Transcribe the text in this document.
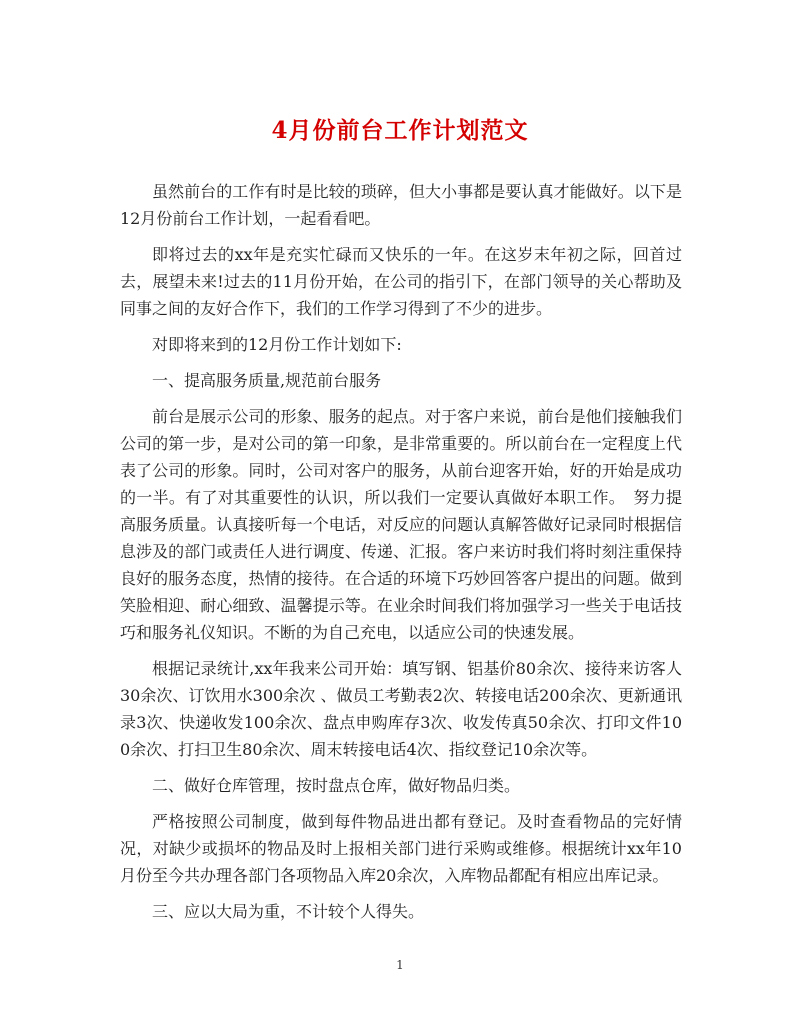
4月份前台工作计划范文

虽然前台的工作有时是比较的琐碎，但大小事都是要认真才能做好。以下是12月份前台工作计划，一起看看吧。

即将过去的xx年是充实忙碌而又快乐的一年。在这岁末年初之际，回首过去，展望未来!过去的11月份开始，在公司的指引下，在部门领导的关心帮助及同事之间的友好合作下，我们的工作学习得到了不少的进步。

对即将来到的12月份工作计划如下:

一、提高服务质量,规范前台服务

前台是展示公司的形象、服务的起点。对于客户来说，前台是他们接触我们公司的第一步，是对公司的第一印象，是非常重要的。所以前台在一定程度上代表了公司的形象。同时，公司对客户的服务，从前台迎客开始，好的开始是成功的一半。有了对其重要性的认识，所以我们一定要认真做好本职工作。　努力提高服务质量。认真接听每一个电话，对反应的问题认真解答做好记录同时根据信息涉及的部门或责任人进行调度、传递、汇报。客户来访时我们将时刻注重保持良好的服务态度，热情的接待。在合适的环境下巧妙回答客户提出的问题。做到笑脸相迎、耐心细致、温馨提示等。在业余时间我们将加强学习一些关于电话技巧和服务礼仪知识。不断的为自己充电，以适应公司的快速发展。

根据记录统计,xx年我来公司开始：填写钢、铝基价80余次、接待来访客人30余次、订饮用水300余次 、做员工考勤表2次、转接电话200余次、更新通讯录3次、快递收发100余次、盘点申购库存3次、收发传真50余次、打印文件100余次、打扫卫生80余次、周末转接电话4次、指纹登记10余次等。

二、做好仓库管理，按时盘点仓库，做好物品归类。

严格按照公司制度，做到每件物品进出都有登记。及时查看物品的完好情况，对缺少或损坏的物品及时上报相关部门进行采购或维修。根据统计xx年10月份至今共办理各部门各项物品入库20余次，入库物品都配有相应出库记录。

三、应以大局为重，不计较个人得失。

1
